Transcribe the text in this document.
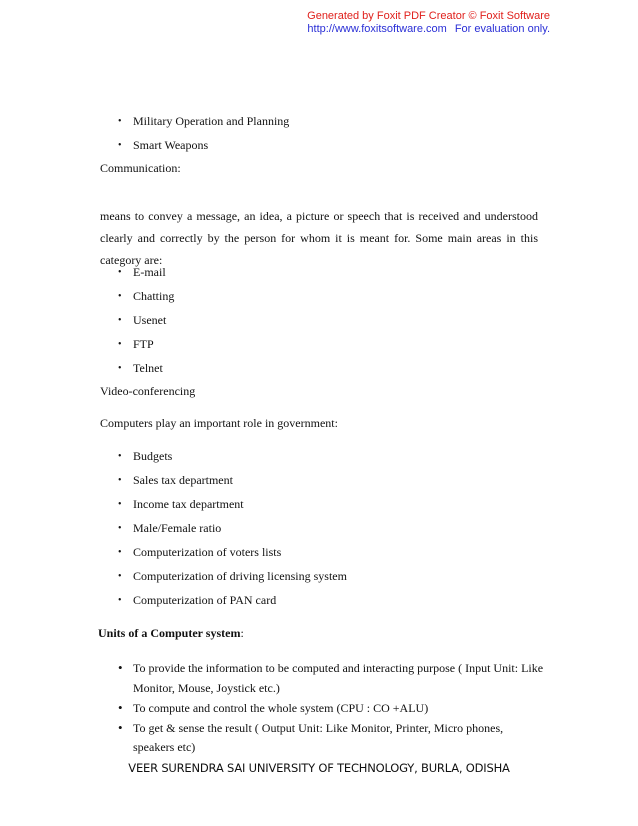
Generated by Foxit PDF Creator © Foxit Software
http://www.foxitsoftware.com For evaluation only.
• Military Operation and Planning
• Smart Weapons
Communication:
means to convey a message, an idea, a picture or speech that is received and understood clearly and correctly by the person for whom it is meant for. Some main areas in this category are:
• E-mail
• Chatting
• Usenet
• FTP
• Telnet
Video-conferencing
Computers play an important role in government:
• Budgets
• Sales tax department
• Income tax department
• Male/Female ratio
• Computerization of voters lists
• Computerization of driving licensing system
• Computerization of PAN card
Units of a Computer system:
• To provide the information to be computed and interacting purpose ( Input Unit: Like
Monitor, Mouse, Joystick etc.)
• To compute and control the whole system (CPU : CO +ALU)
• To get & sense the result ( Output Unit: Like Monitor, Printer, Micro phones,
speakers etc)
VEER SURENDRA SAI UNIVERSITY OF TECHNOLOGY, BURLA, ODISHA
